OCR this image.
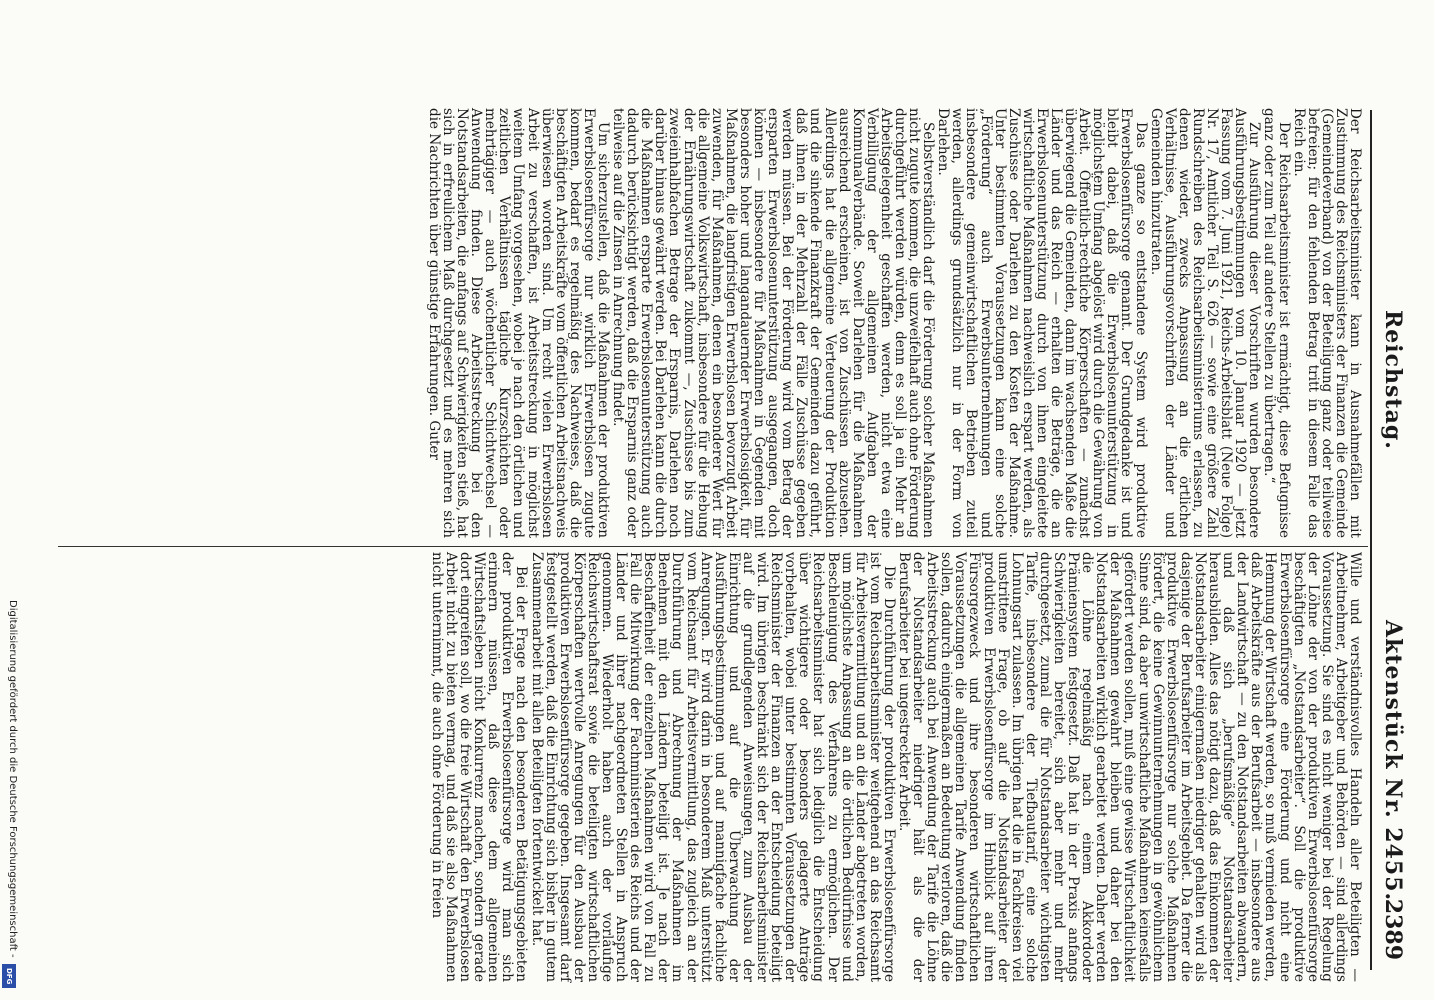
Reichstag.
Aktenstück Nr. 2455.
2389

Der Reichsarbeitsminister kann in Ausnahmefällen mit Zustimmung des Reichsministers der Finanzen die Gemeinde (Gemeindeverband) von der Beteiligung ganz oder teilweise befreien; für den fehlenden Betrag tritt in diesem Falle das Reich ein.

Der Reichsarbeitsminister ist ermächtigt, diese Befugnisse ganz oder zum Teil auf andere Stellen zu übertragen.“

Zur Ausführung dieser Vorschriften wurden besondere Ausführungsbestimmungen vom 10. Januar 1920 — jetzt Fassung vom 7. Juni 1921, Reichs-Arbeitsblatt (Neue Folge) Nr. 17, Amtlicher Teil S. 626 — sowie eine größere Zahl Rundschreiben des Reichsarbeitsministeriums erlassen, zu denen wieder, zwecks Anpassung an die örtlichen Verhältnisse, Ausführungsvorschriften der Länder und Gemeinden hinzutraten.

Das ganze so entstandene System wird produktive Erwerbslosenfürsorge genannt. Der Grundgedanke ist und bleibt dabei, daß die Erwerbslosenunterstützung in möglichstem Umfang abgelöst wird durch die Gewährung von Arbeit. Öffentlich-rechtliche Körperschaften — zunächst überwiegend die Gemeinden, dann im wachsenden Maße die Länder und das Reich — erhalten die Beträge, die an Erwerbslosenunterstützung durch von ihnen eingeleitete wirtschaftliche Maßnahmen nachweislich erspart werden, als Zuschüsse oder Darlehen zu den Kosten der Maßnahme. Unter bestimmten Voraussetzungen kann eine solche „Förderung“ auch Erwerbsunternehmungen und insbesondere gemeinwirtschaftlichen Betrieben zuteil werden, allerdings grundsätzlich nur in der Form von Darlehen.

Selbstverständlich darf die Förderung solcher Maßnahmen nicht zugute kommen, die unzweifelhaft auch ohne Förderung durchgeführt werden würden, denn es soll ja ein Mehr an Arbeitsgelegenheit geschaffen werden, nicht etwa eine Verbilligung der allgemeinen Aufgaben der Kommunalverbände. Soweit Darlehen für die Maßnahmen ausreichend erscheinen, ist von Zuschüssen abzusehen. Allerdings hat die allgemeine Verteuerung der Produktion und die sinkende Finanzkraft der Gemeinden dazu geführt, daß ihnen in der Mehrzahl der Fälle Zuschüsse gegeben werden müssen. Bei der Förderung wird vom Betrag der ersparten Erwerbslosenunterstützung ausgegangen, doch können — insbesondere für Maßnahmen in Gegenden mit besonders hoher und langandauernder Erwerbslosigkeit, für Maßnahmen, die langfristigen Erwerbslosen bevorzugt Arbeit zuwenden, für Maßnahmen, denen ein besonderer Wert für die allgemeine Volkswirtschaft, insbesondere für die Hebung der Ernährungswirtschaft zukommt —, Zuschüsse bis zum zweieinhalbfachen Betrage der Ersparnis, Darlehen noch darüber hinaus gewährt werden. Bei Darlehen kann die durch die Maßnahmen ersparte Erwerbslosenunterstützung auch dadurch berücksichtigt werden, daß die Ersparnis ganz oder teilweise auf die Zinsen in Anrechnung findet.

Um sicherzustellen, daß die Maßnahmen der produktiven Erwerbslosenfürsorge nur wirklich Erwerbslosen zugute kommen, bedarf es regelmäßig des Nachweises, daß die beschäftigten Arbeitskräfte vom öffentlichen Arbeitsnachweis überwiesen worden sind. Um recht vielen Erwerbslosen Arbeit zu verschaffen, ist Arbeitsstreckung in möglichst weitem Umfang vorgesehen, wobei je nach den örtlichen und zeitlichen Verhältnissen tägliche Kurzschichten oder mehrtägiger — auch wöchentlicher Schichtwechsel — Anwendung finden. Diese Arbeitsstreckung bei den Notstandsarbeiten, die anfangs auf Schwierigkeiten stieß, hat sich in erfreulichem Maß durchgesetzt und es mehren sich die Nachrichten über günstige Erfahrungen. Guter

Wille und verständnisvolles Handeln aller Beteiligten — Arbeitnehmer, Arbeitgeber und Behörden — sind allerdings Voraussetzung. Sie sind es nicht weniger bei der Regelung der Löhne der von der produktiven Erwerbslosenfürsorge beschäftigten „Notstandsarbeiter“. Soll die produktive Erwerbslosenfürsorge eine Förderung und nicht eine Hemmung der Wirtschaft werden, so muß vermieden werden, daß Arbeitskräfte aus der Berufsarbeit — insbesondere aus der Landwirtschaft — zu den Notstandsarbeiten abwandern, und daß sich „berufsmäßige“ Notstandsarbeiter herausbilden. Alles das nötigt dazu, daß das Einkommen der Notstandsarbeiter einigermaßen niedriger gehalten wird als dasjenige der Berufsarbeiter im Arbeitsgebiet. Da ferner die produktive Erwerbslosenfürsorge nur solche Maßnahmen fördert, die keine Gewinnunternehmungen in gewöhnlichem Sinne sind, da aber unwirtschaftliche Maßnahmen keinesfalls gefördert werden sollen, muß eine gewisse Wirtschaftlichkeit der Maßnahmen gewahrt bleiben und daher bei den Notstandsarbeiten wirklich gearbeitet werden. Daher werden die Löhne regelmäßig nach einem Akkordoder Prämiensystem festgesetzt. Daß hat in der Praxis anfangs Schwierigkeiten bereitet, sich aber mehr und mehr durchgesetzt, zumal die für Notstandsarbeiter wichtigsten Tarife, insbesondere der Tiefbautarif, eine solche Lohnungsart zulassen. Im übrigen hat die in Fachkreisen viel umstrittene Frage, ob auf die Notstandsarbeiter der produktiven Erwerbslosenfürsorge im Hinblick auf ihren Fürsorgezweck und ihre besonderen wirtschaftlichen Voraussetzungen die allgemeinen Tarife Anwendung finden sollen, dadurch einigermaßen an Bedeutung verloren, daß die Arbeitsstreckung auch bei Anwendung der Tarife die Löhne der Notstandsarbeiter niedriger hält als die der Berufsarbeiter bei ungestreckter Arbeit.

Die Durchführung der produktiven Erwerbslosenfürsorge ist vom Reichsarbeitsminister weitgehend an das Reichsamt für Arbeitsvermittlung und an die Länder abgetreten worden, um möglichste Anpassung an die örtlichen Bedürfnisse und Beschleunigung des Verfahrens zu ermöglichen. Der Reichsarbeitsminister hat sich lediglich die Entscheidung über wichtigere oder besonders gelagerte Anträge vorbehalten, wobei unter bestimmten Voraussetzungen der Reichsminister der Finanzen an der Entscheidung beteiligt wird. Im übrigen beschränkt sich der Reichsarbeitsminister auf die grundlegenden Anweisungen zum Ausbau der Einrichtung und auf die Überwachung der Ausführungsbestimmungen und auf mannigfache fachliche Anregungen. Er wird darin in besonderem Maß unterstützt vom Reichsamt für Arbeitsvermittlung, das zugleich an der Durchführung und Abrechnung der Maßnahmen im Benehmen mit den Ländern beteiligt ist. Je nach der Beschaffenheit der einzelnen Maßnahmen wird von Fall zu Fall die Mitwirkung der Fachministerien des Reichs und der Länder und ihrer nachgeordneten Stellen in Anspruch genommen. Wiederholt haben auch der vorläufige Reichswirtschaftsrat sowie die beteiligten wirtschaftlichen Körperschaften wertvolle Anregungen für den Ausbau der produktiven Erwerbslosenfürsorge gegeben. Insgesamt darf festgestellt werden, daß die Einrichtung sich bisher in gutem Zusammenarbeit mit allen Beteiligten fortentwickelt hat.

Bei der Frage nach den besonderen Betätigungsgebieten der produktiven Erwerbslosenfürsorge wird man sich erinnern müssen, daß diese dem allgemeinen Wirtschaftsleben nicht Konkurrenz machen, sondern gerade dort eingreifen soll, wo die freie Wirtschaft den Erwerbslosen Arbeit nicht zu bieten vermag, und daß sie also Maßnahmen nicht unternimmt, die auch ohne Förderung in freien

Digitalisierung gefördert durch die Deutsche Forschungsgemeinschaft -
DFG
